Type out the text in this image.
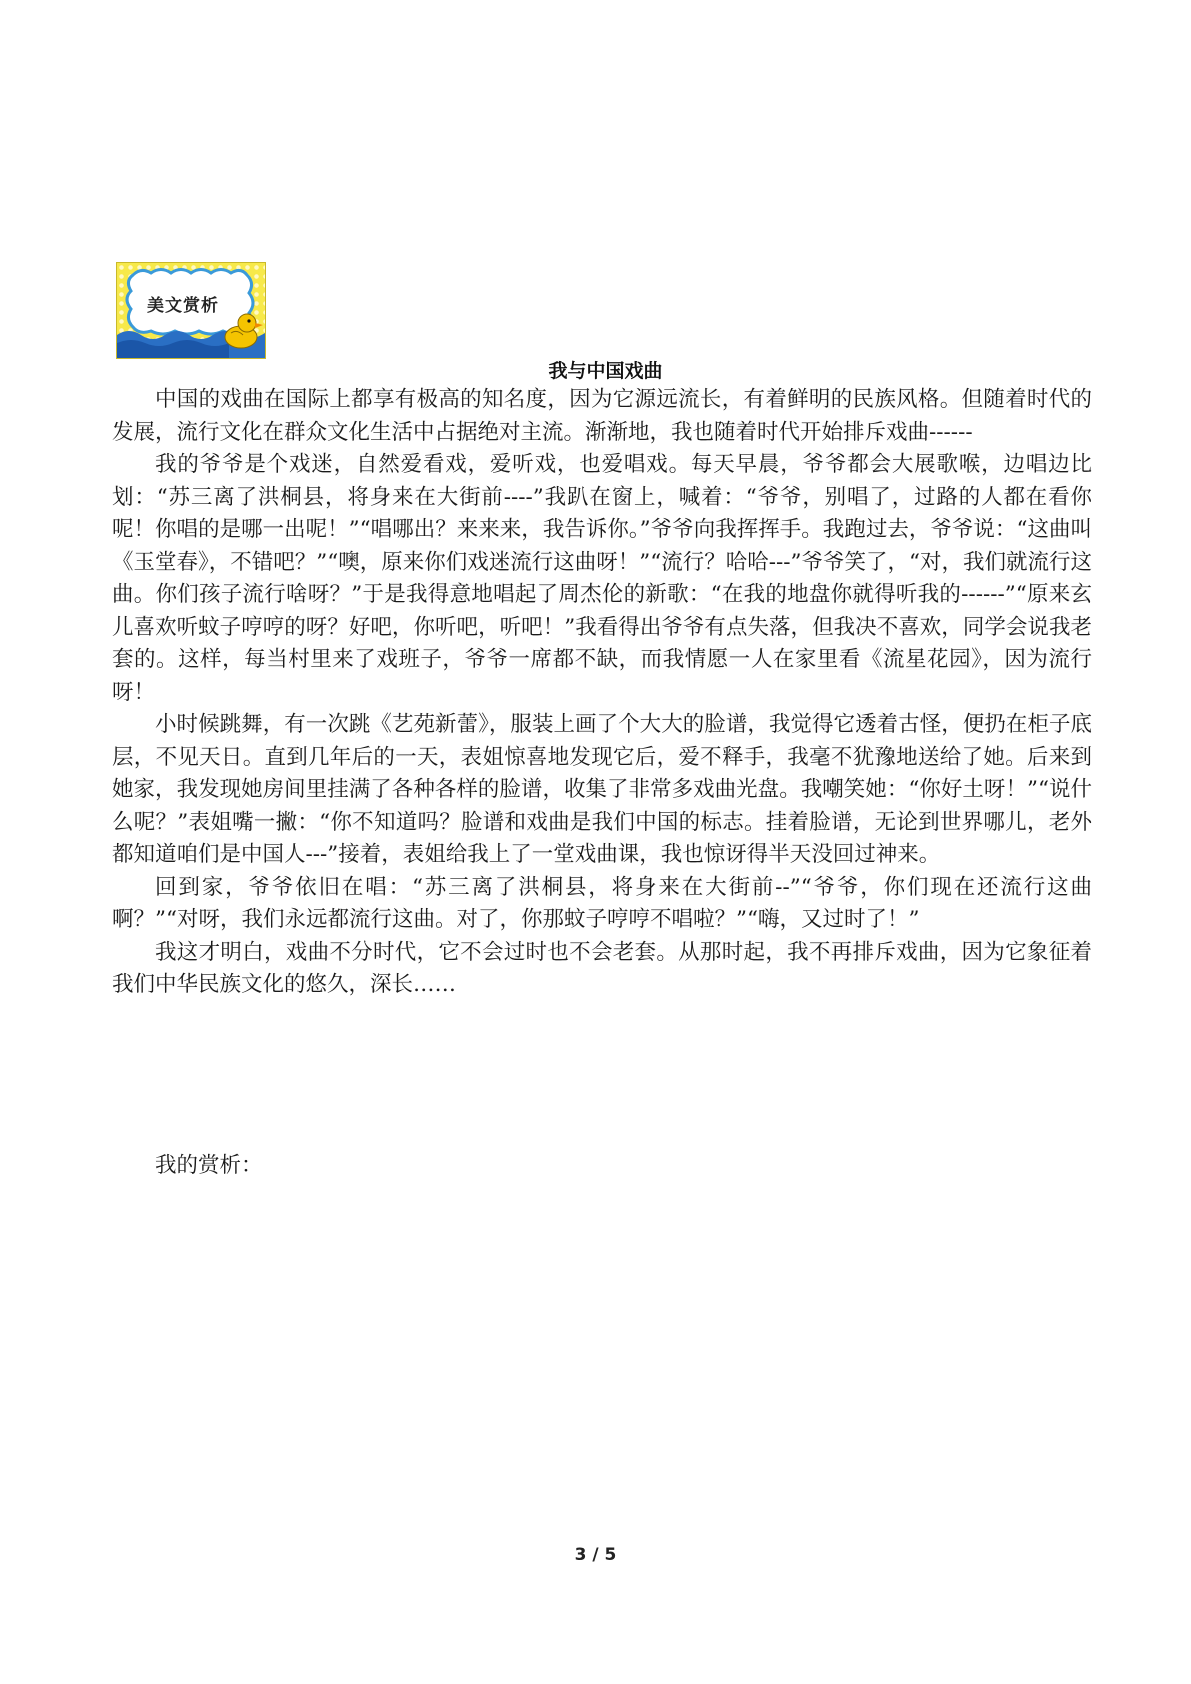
美文赏析
我与中国戏曲

中国的戏曲在国际上都享有极高的知名度，因为它源远流长，有着鲜明的民族风格。但随着时代的发展，流行文化在群众文化生活中占据绝对主流。渐渐地，我也随着时代开始排斥戏曲------

我的爷爷是个戏迷，自然爱看戏，爱听戏，也爱唱戏。每天早晨，爷爷都会大展歌喉，边唱边比划：“苏三离了洪桐县，将身来在大街前----”我趴在窗上，喊着：“爷爷，别唱了，过路的人都在看你呢！你唱的是哪一出呢！”“唱哪出？来来来，我告诉你。”爷爷向我挥挥手。我跑过去，爷爷说：“这曲叫《玉堂春》，不错吧？”“噢，原来你们戏迷流行这曲呀！”“流行？哈哈---”爷爷笑了，“对，我们就流行这曲。你们孩子流行啥呀？”于是我得意地唱起了周杰伦的新歌：“在我的地盘你就得听我的------”“原来玄儿喜欢听蚊子哼哼的呀？好吧，你听吧，听吧！”我看得出爷爷有点失落，但我决不喜欢，同学会说我老套的。这样，每当村里来了戏班子，爷爷一席都不缺，而我情愿一人在家里看《流星花园》，因为流行呀！

小时候跳舞，有一次跳《艺苑新蕾》，服装上画了个大大的脸谱，我觉得它透着古怪，便扔在柜子底层，不见天日。直到几年后的一天，表姐惊喜地发现它后，爱不释手，我毫不犹豫地送给了她。后来到她家，我发现她房间里挂满了各种各样的脸谱，收集了非常多戏曲光盘。我嘲笑她：“你好土呀！”“说什么呢？”表姐嘴一撇：“你不知道吗？脸谱和戏曲是我们中国的标志。挂着脸谱，无论到世界哪儿，老外都知道咱们是中国人---”接着，表姐给我上了一堂戏曲课，我也惊讶得半天没回过神来。

回到家，爷爷依旧在唱：“苏三离了洪桐县，将身来在大街前--”“爷爷，你们现在还流行这曲啊？”“对呀，我们永远都流行这曲。对了，你那蚊子哼哼不唱啦？”“嗨，又过时了！”

我这才明白，戏曲不分时代，它不会过时也不会老套。从那时起，我不再排斥戏曲，因为它象征着我们中华民族文化的悠久，深长……

我的赏析：
3 / 5
